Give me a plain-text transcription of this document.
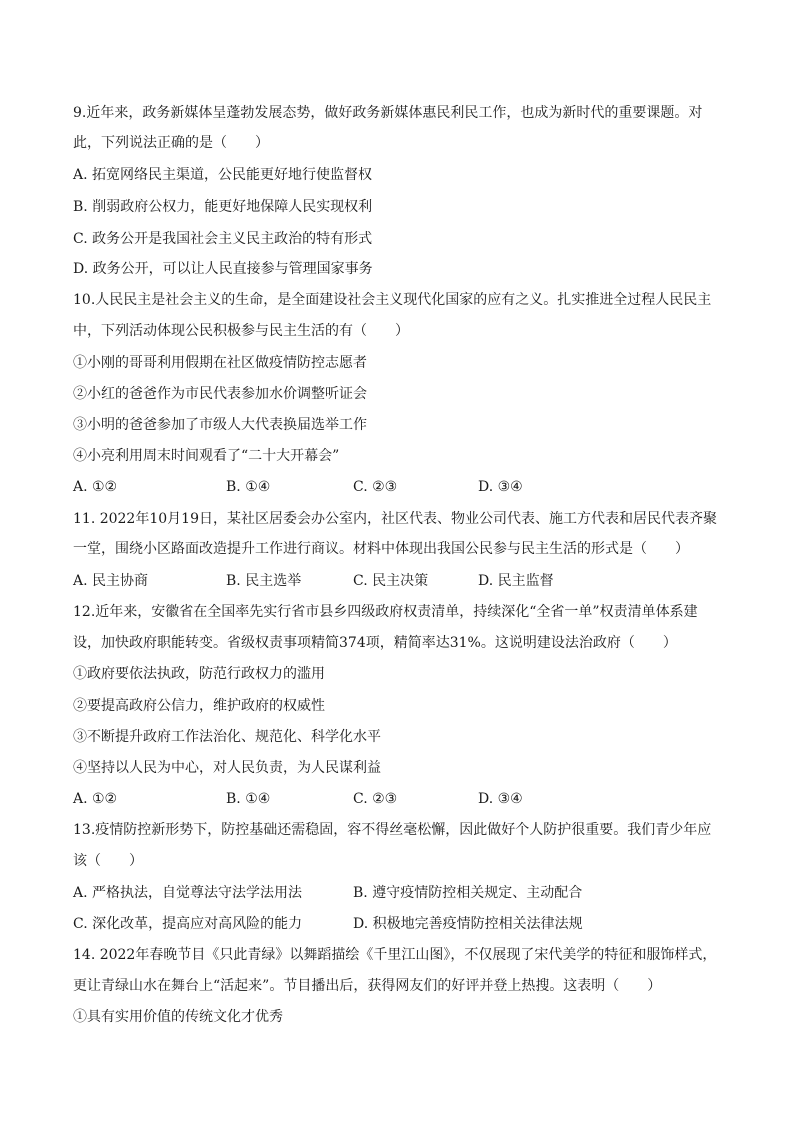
9.近年来，政务新媒体呈蓬勃发展态势，做好政务新媒体惠民利民工作，也成为新时代的重要课题。对
此，下列说法正确的是（　　）
A. 拓宽网络民主渠道，公民能更好地行使监督权
B. 削弱政府公权力，能更好地保障人民实现权利
C. 政务公开是我国社会主义民主政治的特有形式
D. 政务公开，可以让人民直接参与管理国家事务
10.人民民主是社会主义的生命，是全面建设社会主义现代化国家的应有之义。扎实推进全过程人民民主
中，下列活动体现公民积极参与民主生活的有（　　）
①小刚的哥哥利用假期在社区做疫情防控志愿者
②小红的爸爸作为市民代表参加水价调整听证会
③小明的爸爸参加了市级人大代表换届选举工作
④小亮利用周末时间观看了“二十大开幕会”
A. ①②	B. ①④	C. ②③	D. ③④
11. 2022年10月19日，某社区居委会办公室内，社区代表、物业公司代表、施工方代表和居民代表齐聚
一堂，围绕小区路面改造提升工作进行商议。材料中体现出我国公民参与民主生活的形式是（　　）
A. 民主协商	B. 民主选举	C. 民主决策	D. 民主监督
12.近年来，安徽省在全国率先实行省市县乡四级政府权责清单，持续深化“全省一单”权责清单体系建
设，加快政府职能转变。省级权责事项精简374项，精简率达31%。这说明建设法治政府（　　）
①政府要依法执政，防范行政权力的滥用
②要提高政府公信力，维护政府的权威性
③不断提升政府工作法治化、规范化、科学化水平
④坚持以人民为中心，对人民负责，为人民谋利益
A. ①②	B. ①④	C. ②③	D. ③④
13.疫情防控新形势下，防控基础还需稳固，容不得丝毫松懈，因此做好个人防护很重要。我们青少年应
该（　　）
A. 严格执法，自觉尊法守法学法用法	B. 遵守疫情防控相关规定、主动配合
C. 深化改革，提高应对高风险的能力	D. 积极地完善疫情防控相关法律法规
14. 2022年春晚节目《只此青绿》以舞蹈描绘《千里江山图》，不仅展现了宋代美学的特征和服饰样式，
更让青绿山水在舞台上“活起来”。节目播出后，获得网友们的好评并登上热搜。这表明（　　）
①具有实用价值的传统文化才优秀
